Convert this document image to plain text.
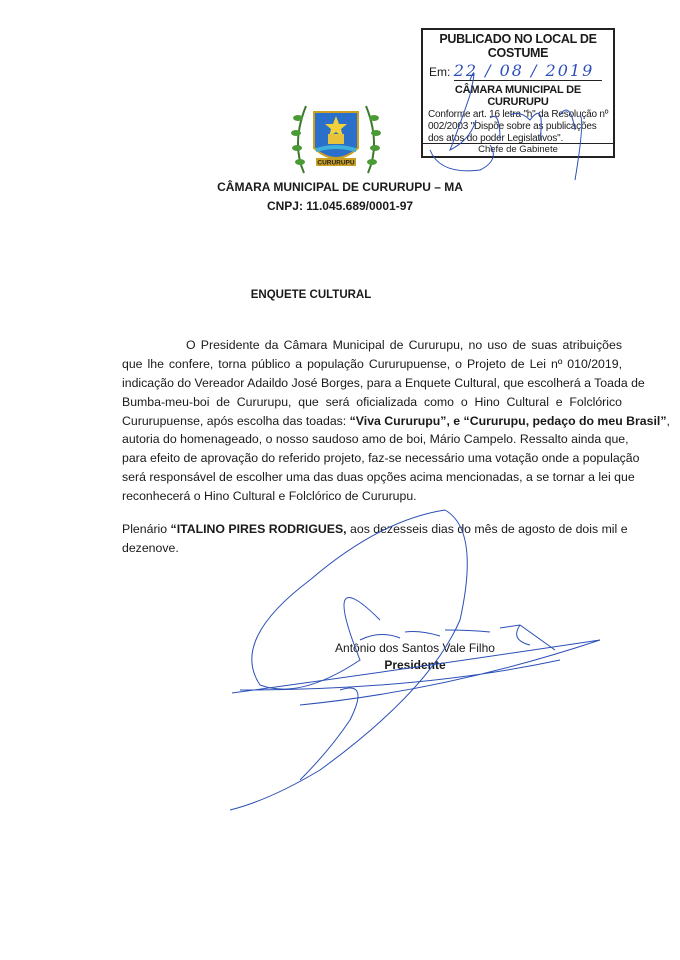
PUBLICADO NO LOCAL DE COSTUME
Em: 22 / 08 / 2019
CÂMARA MUNICIPAL DE CURURUPU
Conforme art. 16 letra "h" da Resolução nº 002/2003 "Dispõe sobre as publicações dos atos do poder Legislativos".
Chefe de Gabinete
CURURUPU
CÂMARA MUNICIPAL DE CURURUPU – MA
CNPJ: 11.045.689/0001-97
ENQUETE CULTURAL
O Presidente da Câmara Municipal de Cururupu, no uso de suas atribuições
que lhe confere, torna público a população Cururupuense, o Projeto de Lei nº 010/2019,
indicação do Vereador Adaildo José Borges, para a Enquete Cultural, que escolherá a Toada de
Bumba-meu-boi de Cururupu, que será oficializada como o Hino Cultural e Folclórico
Cururupuense, após escolha das toadas: “Viva Cururupu”, e “Cururupu, pedaço do meu Brasil”,
autoria do homenageado, o nosso saudoso amo de boi, Mário Campelo. Ressalto ainda que,
para efeito de aprovação do referido projeto, faz-se necessário uma votação onde a população
será responsável de escolher uma das duas opções acima mencionadas, a se tornar a lei que
reconhecerá o Hino Cultural e Folclórico de Cururupu.
Plenário “ITALINO PIRES RODRIGUES, aos dezesseis dias do mês de agosto de dois mil e
dezenove.
Antônio dos Santos Vale Filho
Presidente
